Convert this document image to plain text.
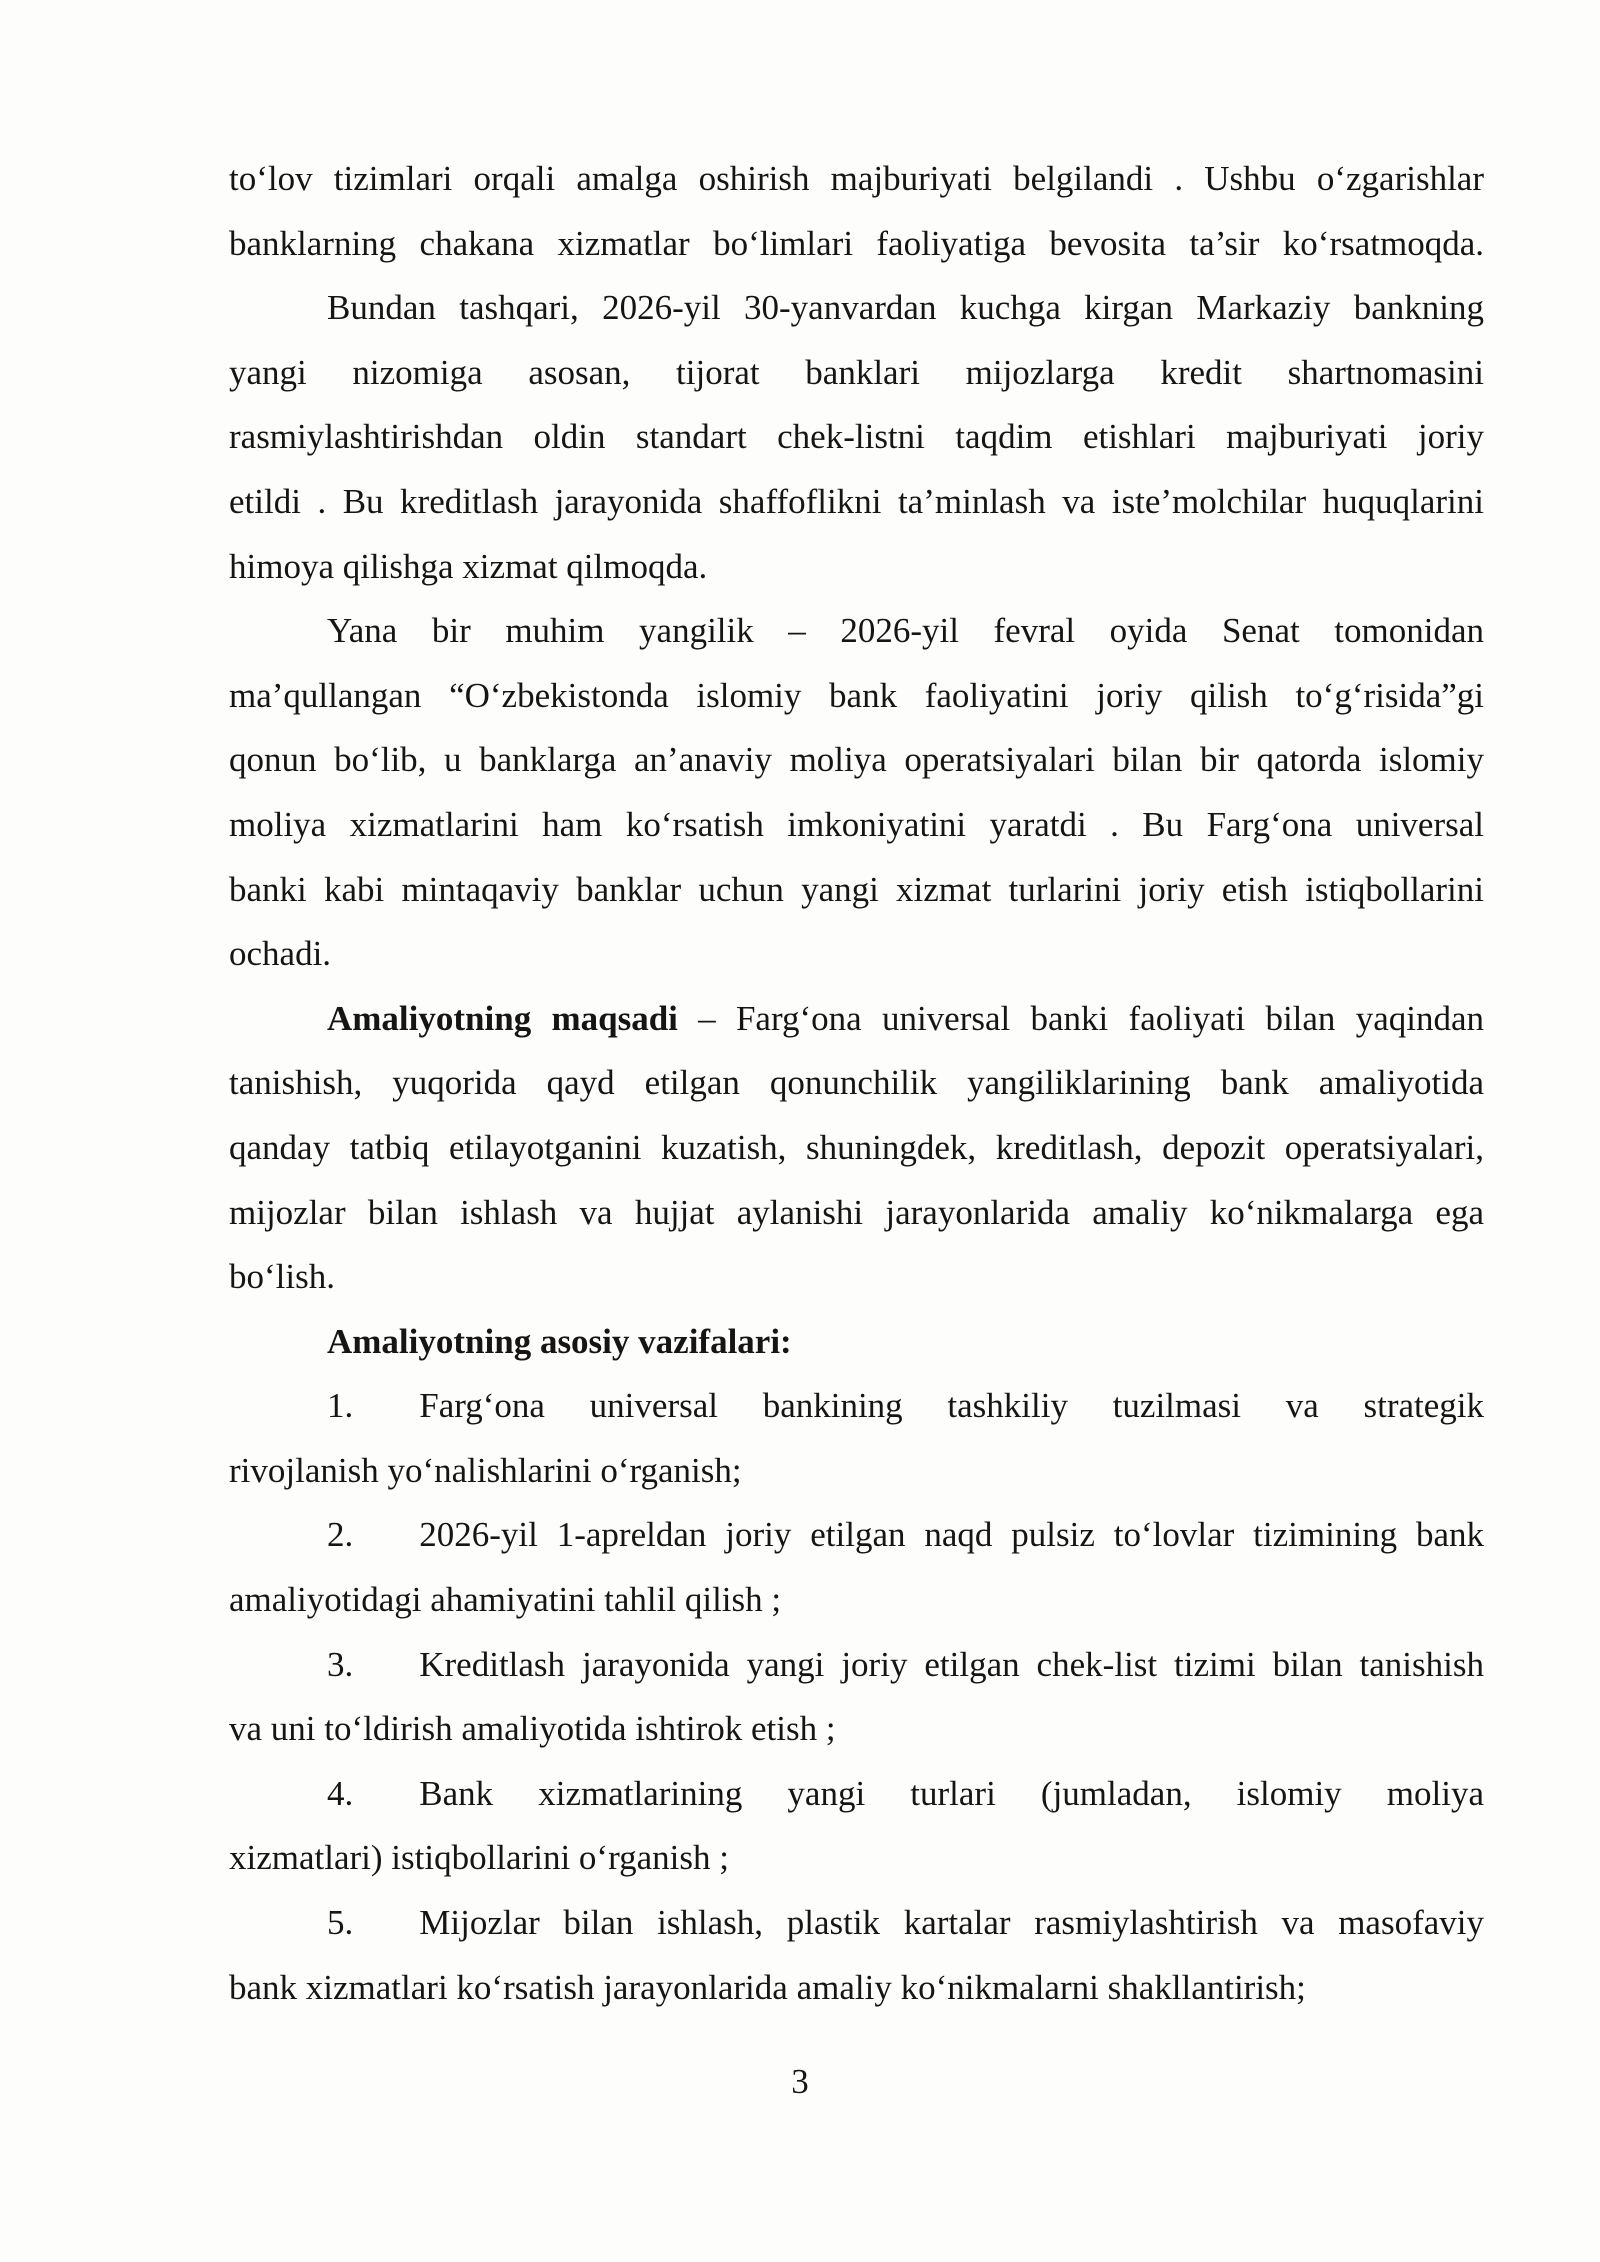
to‘lov tizimlari orqali amalga oshirish majburiyati belgilandi . Ushbu o‘zgarishlar
banklarning chakana xizmatlar bo‘limlari faoliyatiga bevosita ta’sir ko‘rsatmoqda.
Bundan tashqari, 2026-yil 30-yanvardan kuchga kirgan Markaziy bankning
yangi nizomiga asosan, tijorat banklari mijozlarga kredit shartnomasini
rasmiylashtirishdan oldin standart chek-listni taqdim etishlari majburiyati joriy
etildi . Bu kreditlash jarayonida shaffoflikni ta’minlash va iste’molchilar huquqlarini
himoya qilishga xizmat qilmoqda.
Yana bir muhim yangilik – 2026-yil fevral oyida Senat tomonidan
ma’qullangan “O‘zbekistonda islomiy bank faoliyatini joriy qilish to‘g‘risida”gi
qonun bo‘lib, u banklarga an’anaviy moliya operatsiyalari bilan bir qatorda islomiy
moliya xizmatlarini ham ko‘rsatish imkoniyatini yaratdi . Bu Farg‘ona universal
banki kabi mintaqaviy banklar uchun yangi xizmat turlarini joriy etish istiqbollarini
ochadi.
Amaliyotning maqsadi – Farg‘ona universal banki faoliyati bilan yaqindan
tanishish, yuqorida qayd etilgan qonunchilik yangiliklarining bank amaliyotida
qanday tatbiq etilayotganini kuzatish, shuningdek, kreditlash, depozit operatsiyalari,
mijozlar bilan ishlash va hujjat aylanishi jarayonlarida amaliy ko‘nikmalarga ega
bo‘lish.
Amaliyotning asosiy vazifalari:
1. Farg‘ona universal bankining tashkiliy tuzilmasi va strategik
rivojlanish yo‘nalishlarini o‘rganish;
2. 2026-yil 1-apreldan joriy etilgan naqd pulsiz to‘lovlar tizimining bank
amaliyotidagi ahamiyatini tahlil qilish ;
3. Kreditlash jarayonida yangi joriy etilgan chek-list tizimi bilan tanishish
va uni to‘ldirish amaliyotida ishtirok etish ;
4. Bank xizmatlarining yangi turlari (jumladan, islomiy moliya
xizmatlari) istiqbollarini o‘rganish ;
5. Mijozlar bilan ishlash, plastik kartalar rasmiylashtirish va masofaviy
bank xizmatlari ko‘rsatish jarayonlarida amaliy ko‘nikmalarni shakllantirish;
3
